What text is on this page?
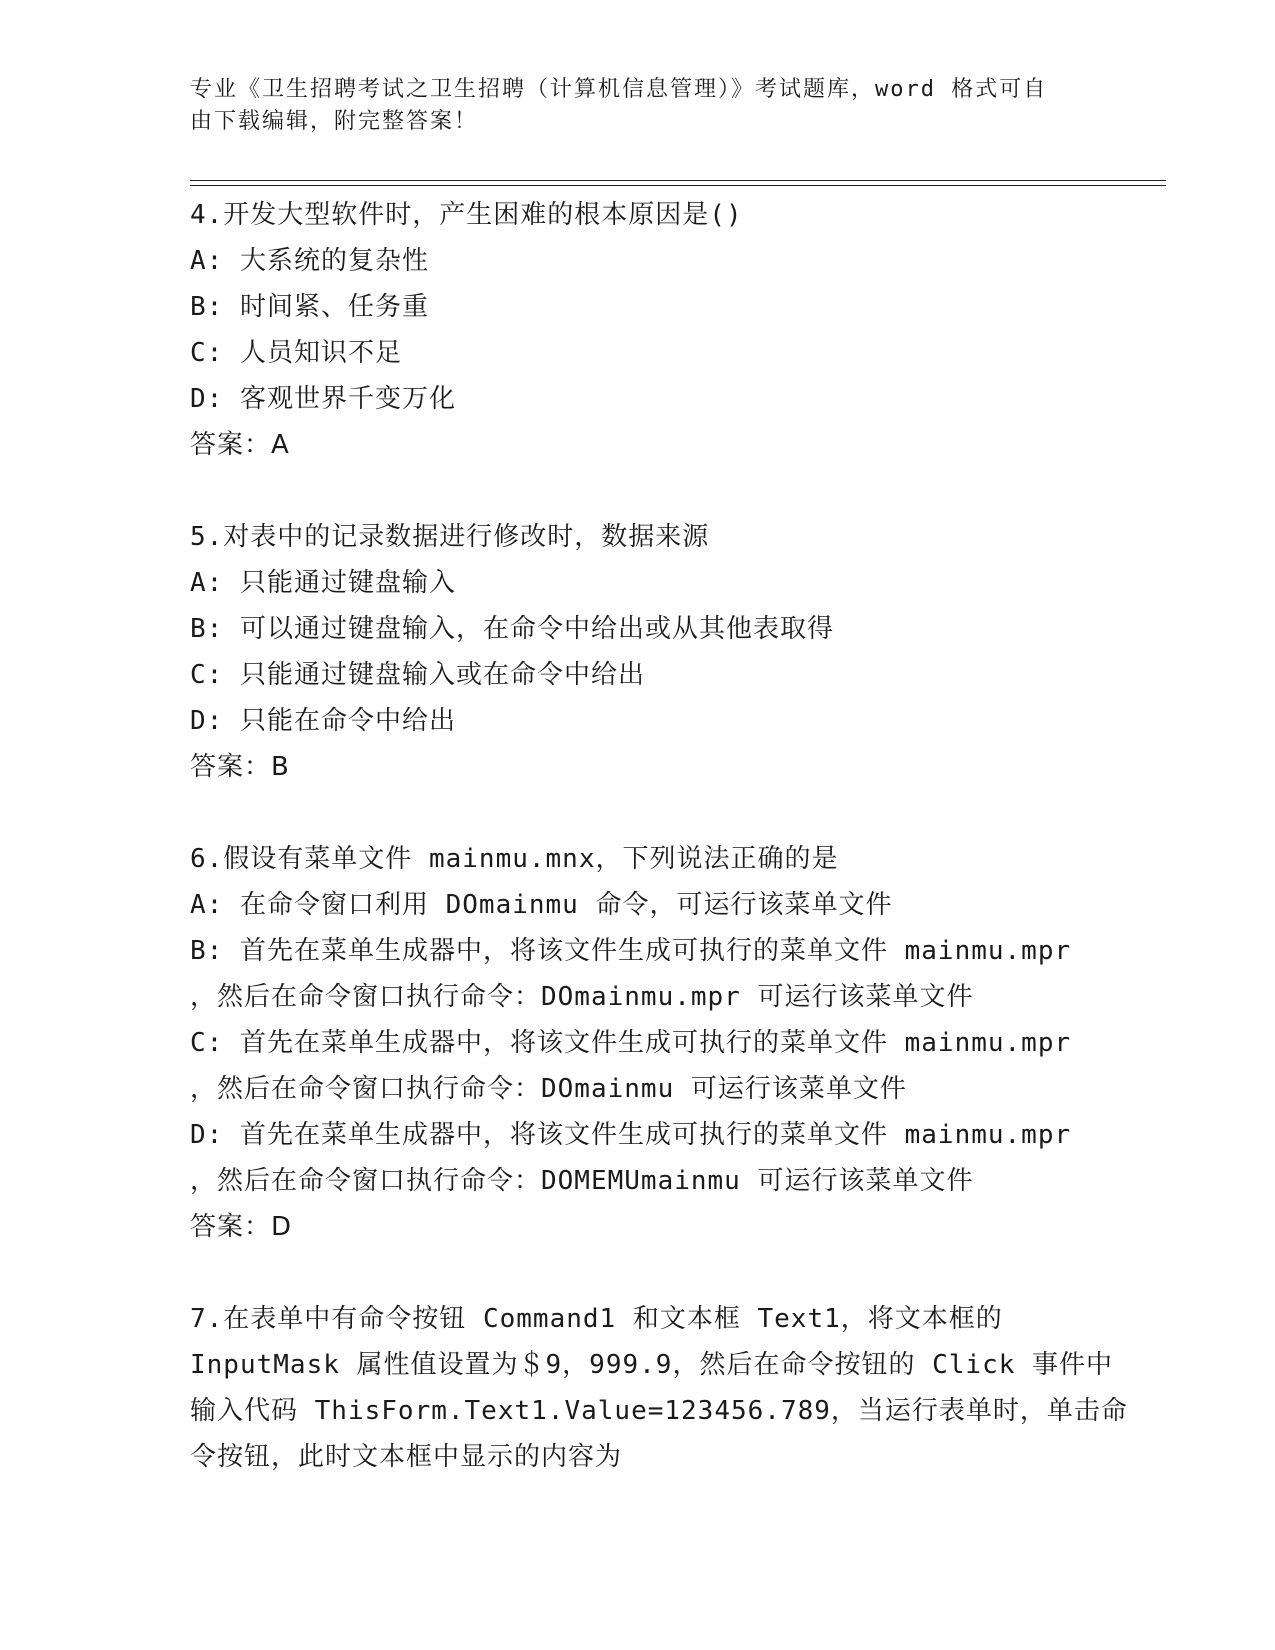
专业《卫生招聘考试之卫生招聘（计算机信息管理）》考试题库，word 格式可自
由下载编辑，附完整答案！
4.开发大型软件时，产生困难的根本原因是()
A: 大系统的复杂性
B: 时间紧、任务重
C: 人员知识不足
D: 客观世界千变万化
答案：A
5.对表中的记录数据进行修改时，数据来源
A: 只能通过键盘输入
B: 可以通过键盘输入，在命令中给出或从其他表取得
C: 只能通过键盘输入或在命令中给出
D: 只能在命令中给出
答案：B
6.假设有菜单文件 mainmu.mnx，下列说法正确的是
A: 在命令窗口利用 DOmainmu 命令，可运行该菜单文件
B: 首先在菜单生成器中，将该文件生成可执行的菜单文件 mainmu.mpr
，然后在命令窗口执行命令：DOmainmu.mpr 可运行该菜单文件
C: 首先在菜单生成器中，将该文件生成可执行的菜单文件 mainmu.mpr
，然后在命令窗口执行命令：DOmainmu 可运行该菜单文件
D: 首先在菜单生成器中，将该文件生成可执行的菜单文件 mainmu.mpr
，然后在命令窗口执行命令：DOMEMUmainmu 可运行该菜单文件
答案：D
7.在表单中有命令按钮 Command1 和文本框 Text1，将文本框的
InputMask 属性值设置为＄9，999.9，然后在命令按钮的 Click 事件中
输入代码 ThisForm.Text1.Value=123456.789，当运行表单时，单击命
令按钮，此时文本框中显示的内容为
